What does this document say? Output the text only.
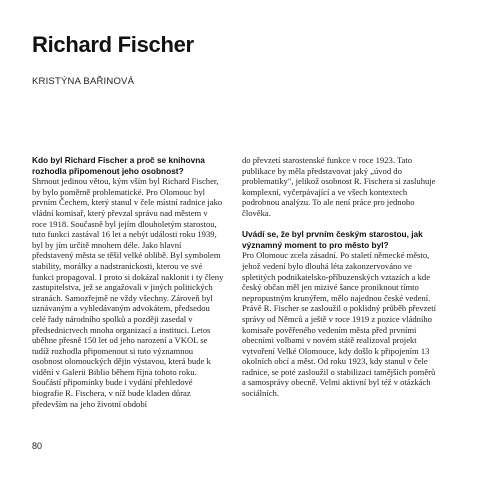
Richard Fischer

KRISTÝNA BAŘINOVÁ

Kdo byl Richard Fischer a proč se knihovna rozhodla připomenout jeho osobnost?

Shrnout jedinou větou, kým vším byl Richard Fischer, by bylo poměrně problematické. Pro Olomouc byl prvním Čechem, který stanul v čele místní radnice jako vládní komisař, který převzal správu nad městem v roce 1918. Současně byl jejím dlouholetým starostou, tuto funkci zastával 16 let a nebýt události roku 1939, byl by jím určitě mnohem déle. Jako hlavní představený města se těšil velké oblibě. Byl symbolem stability, morálky a nadstranickosti, kterou ve své funkci propagoval. I proto si dokázal naklonit i ty členy zastupitelstva, jež se angažovali v jiných politických stranách. Samozřejmě ne vždy všechny. Zároveň byl uznávaným a vyhledávaným advokátem, předsedou celé řady národního spolků a později zasedal v předsednictvech mnoha organizací a instituci. Letos uběhne přesně 150 let od jeho narození a VKOL se tudíž rozhodla připomenout si tuto významnou osobnost olomouckých dějin výstavou, která bude k vidění v Galerii Biblio během října tohoto roku. Součástí připomínky bude i vydání přehledové biografie R. Fischera, v níž bude kladen důraz především na jeho životní období

do převzetí starostenské funkce v roce 1923. Tato publikace by měla představovat jaký „úvod do problematiky", jelikož osobnost R. Fischera si zasluhuje komplexní, vyčerpávající a ve všech kontextech podrobnou analýzu. To ale není práce pro jednoho člověka.

Uvádí se, že byl prvním českým starostou, jak významný moment to pro město byl?

Pro Olomouc zcela zásadní. Po staletí německé město, jehož vedení bylo dlouhá léta zakonzervováno ve spletitých podnikatelsko-příbuzenských vztazích a kde český občan měl jen mizivé šance proniknout tímto nepropustným krunýřem, mělo najednou české vedení. Právě R. Fischer se zasloužil o poklidný průběh převzetí správy od Němců a ještě v roce 1919 z pozice vládního komisaře pověřeného vedením města před prvními obecními volbami v novém státě realizoval projekt vytvoření Velké Olomouce, kdy došlo k připojením 13 okolních obcí a měst. Od roku 1923, kdy stanul v čele radnice, se poté zasloužil o stabilizaci tamějších poměrů a samosprávy obecně. Velmi aktivní byl též v otázkách sociálních.

80
